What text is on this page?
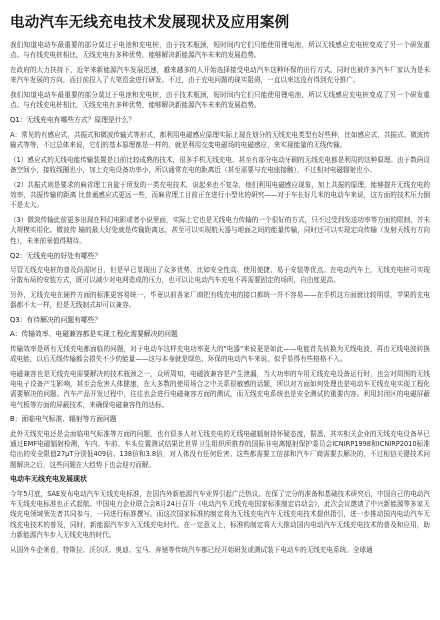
电动汽车无线充电技术发展现状及应用案例

我们知道电动车最重要的部分莫过于电池和充电桩，由于技术瓶颈，短时间内它们只能使用锂电池，所以无线感应充电桩变成了另一个研发重点。与有线充电桩相比，无线充电有多种优势，能够解决新能源汽车未来的发展趋势。

在政府的大力扶持下，近年来新能源汽车发展迅速，越来越多的人开始选择接受电动汽车这种环保的出行方式。同时也被许多汽车厂家认为是未来汽车发展的方向，而目前投入了大笔资金进行研发。不过，由于充电问题的现实阻碍，一直以来这没有得到充分推广。

我们知道电动车最重要的部分莫过于电池和充电桩，由于技术瓶颈，短时间内它们只能使用锂电池，所以无线感应充电桩变成了另一个研发重点。与有线充电桩相比，无线充电有多种优势，能够解决新能源汽车未来的发展趋势。

Q1：无线充电有哪些方式？原理是什么？

A：常见的有感应式，共振式和微波传输式等形式，都利用电磁感应原理实际上现在划分的无线充电类型有好些种，比如感应式、共振式、微波传输式等等，不过总体来说，它们的基本原理都是一样的，就是利用交变电磁场的电磁感应，来实现能量的无线传输。

（1）感应式的无线电能传输装置是目前比较成熟的技术，很多手机无线充电、甚至有部分电动牙刷的无线充电都是利用的这种原理。由于数码设备空间小，接收线圈也小，加上充电设备功率小，所以通常充电的距离近（甚至需要与充电座接触），不过相对电磁辐射也小。

（2）共振式则是要求的麻省理工自旋于所发的一类充电技术，说起来也不复杂，他们利用电磁感应现象，加上共振的原理，能够提升无线充电的效率，共振传输的距离 比普通感应式更远一些，而麻省理工目前正在进行小型化的研究——对于车长好几米的电动车来说，这方面的技术压力倒不是太大。

（3）微波传输此前更多出现在科幻电影或者小说里面，实际上它也是无线电力传输的一个很好的方式，只不过受到发送功率等方面的限制，并未大规模实用化。微波传 输的最大好处就是传输距离远，甚至可以实现航天器与地面之间的能量传输，同时还可以实现定向传输（发射天线有方向性），未来前景值得期待。

Q2：无线充电的好处有哪些？

尽管无线充电桩的普及尚需时日，但是早已显现出了众多优势，比如安全性高、使用便捷、易于安装等优点。在电动汽车上，无线充电桩可实现分散布局的安装方式，既可以减少对电网造成的压力，也可以让电动汽车充电不再需要固定的场所，自由度更高。

另外，无线充电在硬件方面的标准更容易统一，毕竟以前各家厂商把有线充电的接口都统一并不容易——在手机这方面就比较明显，苹果的充电器都不太一样，但是无线制式却可以兼容。

Q3：有待解决的问题有哪些？

A：传输效率、电磁兼容都是实现工程化需要解决的问题

传输效率是所有无线充电都面临的问题，对于电动车这样充电功率更大的"电器"来说更是如此——电能首先转换为无线电波，再由无线电波转换成电能，以后无线传输都会损失不少的能量——这与本身就是绿色、环保的电动汽车来说，似乎显得有些格格不入。

电磁兼容也是无线充电需要解决的技术瓶颈之一，众所周知，电磁波兼容是产生泄漏，当大功率的车用无线充电设备运行时，也会对周围的无线电电子设备产生影响，甚至会危害人体健康，在大多数的使用场合之中关系很敏感的话题，所以对方面如何处理也是电动车无线充电实现工程化需要解决的问题。汽车产品开发过程中，往往也会进行电磁兼容方面的测试，而无线充电系统也是安全测试的重要内容。利用封闭区的电磁屏蔽电气板等方面的屏蔽技术，来确保电磁兼容性的达标。

B：面临电气标准、辐射等方面问题

此外无线充电还是会面临电气标准等方面的问题，也有很多人对无线充电的无线电磁辐射持怀疑态度，据悉，其实相关企业的无线充电设备早已通过EMF电磁辐射检测，车内、车前、车头位置测试结果比世界卫生组织所推荐的国际非电离辐射保护委员会ICNIRP1998和ICNIRP2010标准给出的安全限值27μT分别低409倍、138倍和3.8倍，对人体没有任何危害。这些都需要工信部和汽车厂商需要去解决的，不过相信关键技术问题解决之后，这些问题在大趋势下也会迎刃而解。

电动车无线充电发展现状

今年5月底，SAE发布电动汽车无线充电标准，在国内外新能源汽车业界引起广泛热议。在保了完分的准备和基础技术研究后，中国自己的电动汽车无线充电标准也正式起航。中国电力企业联合会8月24日召开《电动汽车无线充电国家标准制定启动会》，此次会议邀请了中兴新能源等多家无线充电领域领先者共同参与，一同进行标准撰写。而这次国家标准的制定将为无线充电汽车无线充电技术提供指引，进一步推动国内电动汽车无线充电技术的普及，同时，新能源汽车步入无线充电时代。在一定意义上，标准的制定将大大推动国内电动汽车无线充电技术的普及和应用，助力新能源汽车步入无线充电的时代。

从国外车企来看，特斯拉、沃尔沃、奥迪、宝马、奔驰等传统汽车都已经开始研发或测试装下电动车的无线充电系统。全球通
